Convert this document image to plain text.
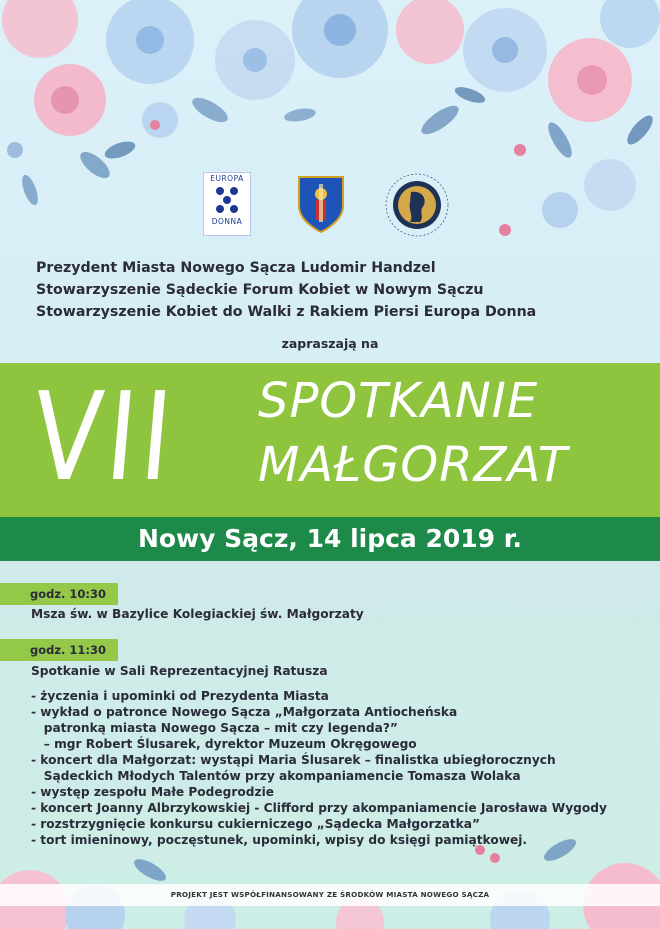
EUROPA
DONNA
Prezydent Miasta Nowego Sącza Ludomir Handzel
Stowarzyszenie Sądeckie Forum Kobiet w Nowym Sączu
Stowarzyszenie Kobiet do Walki z Rakiem Piersi Europa Donna
zapraszają na
VII SPOTKANIE
MAŁGORZAT
Nowy Sącz, 14 lipca 2019 r.
godz. 10:30
Msza św. w Bazylice Kolegiackiej św. Małgorzaty
godz. 11:30
Spotkanie w Sali Reprezentacyjnej Ratusza
- życzenia i upominki od Prezydenta Miasta
- wykład o patronce Nowego Sącza „Małgorzata Antiocheńska
patronką miasta Nowego Sącza – mit czy legenda?”
– mgr Robert Ślusarek, dyrektor Muzeum Okręgowego
- koncert dla Małgorzat: wystąpi Maria Ślusarek – finalistka ubiegłorocznych
Sądeckich Młodych Talentów przy akompaniamencie Tomasza Wolaka
- występ zespołu Małe Podegrodzie
- koncert Joanny Albrzykowskiej - Clifford przy akompaniamencie Jarosława Wygody
- rozstrzygnięcie konkursu cukierniczego „Sądecka Małgorzatka”
- tort imieninowy, poczęstunek, upominki, wpisy do księgi pamiątkowej.
PROJEKT JEST WSPÓŁFINANSOWANY ZE ŚRODKÓW MIASTA NOWEGO SĄCZA
